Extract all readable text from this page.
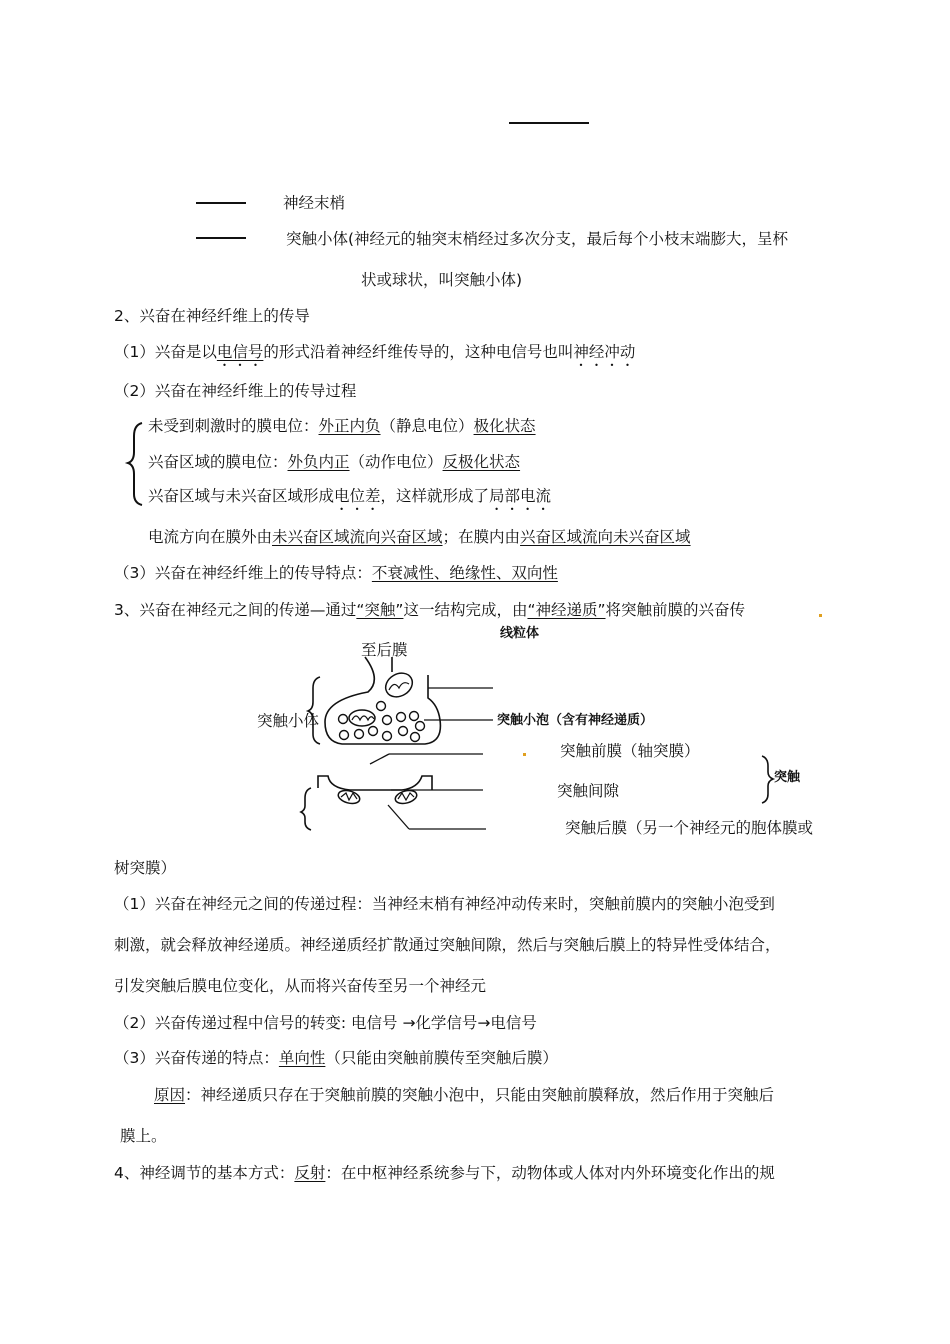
神经末梢
突触小体(神经元的轴突末梢经过多次分支，最后每个小枝末端膨大，呈杯
状或球状，叫突触小体)
2、兴奋在神经纤维上的传导
（1）兴奋是以电信号的形式沿着神经纤维传导的，这种电信号也叫神经冲动
（2）兴奋在神经纤维上的传导过程
未受到刺激时的膜电位：外正内负（静息电位）极化状态
兴奋区域的膜电位：外负内正（动作电位）反极化状态
兴奋区域与未兴奋区域形成电位差，这样就形成了局部电流
电流方向在膜外由未兴奋区域流向兴奋区域；在膜内由兴奋区域流向未兴奋区域
（3）兴奋在神经纤维上的传导特点：不衰减性、绝缘性、双向性
3、兴奋在神经元之间的传递—通过“突触”这一结构完成，由“神经递质”将突触前膜的兴奋传
线粒体
至后膜
突触小体	突触小泡（含有神经递质）
突触前膜（轴突膜）
突触
突触间隙
突触后膜（另一个神经元的胞体膜或
树突膜）
（1）兴奋在神经元之间的传递过程：当神经末梢有神经冲动传来时，突触前膜内的突触小泡受到
刺激，就会释放神经递质。神经递质经扩散通过突触间隙，然后与突触后膜上的特异性受体结合，
引发突触后膜电位变化，从而将兴奋传至另一个神经元
（2）兴奋传递过程中信号的转变: 电信号 →化学信号→电信号
（3）兴奋传递的特点：单向性（只能由突触前膜传至突触后膜）
原因：神经递质只存在于突触前膜的突触小泡中，只能由突触前膜释放，然后作用于突触后
膜上。
4、神经调节的基本方式：反射：在中枢神经系统参与下，动物体或人体对内外环境变化作出的规
